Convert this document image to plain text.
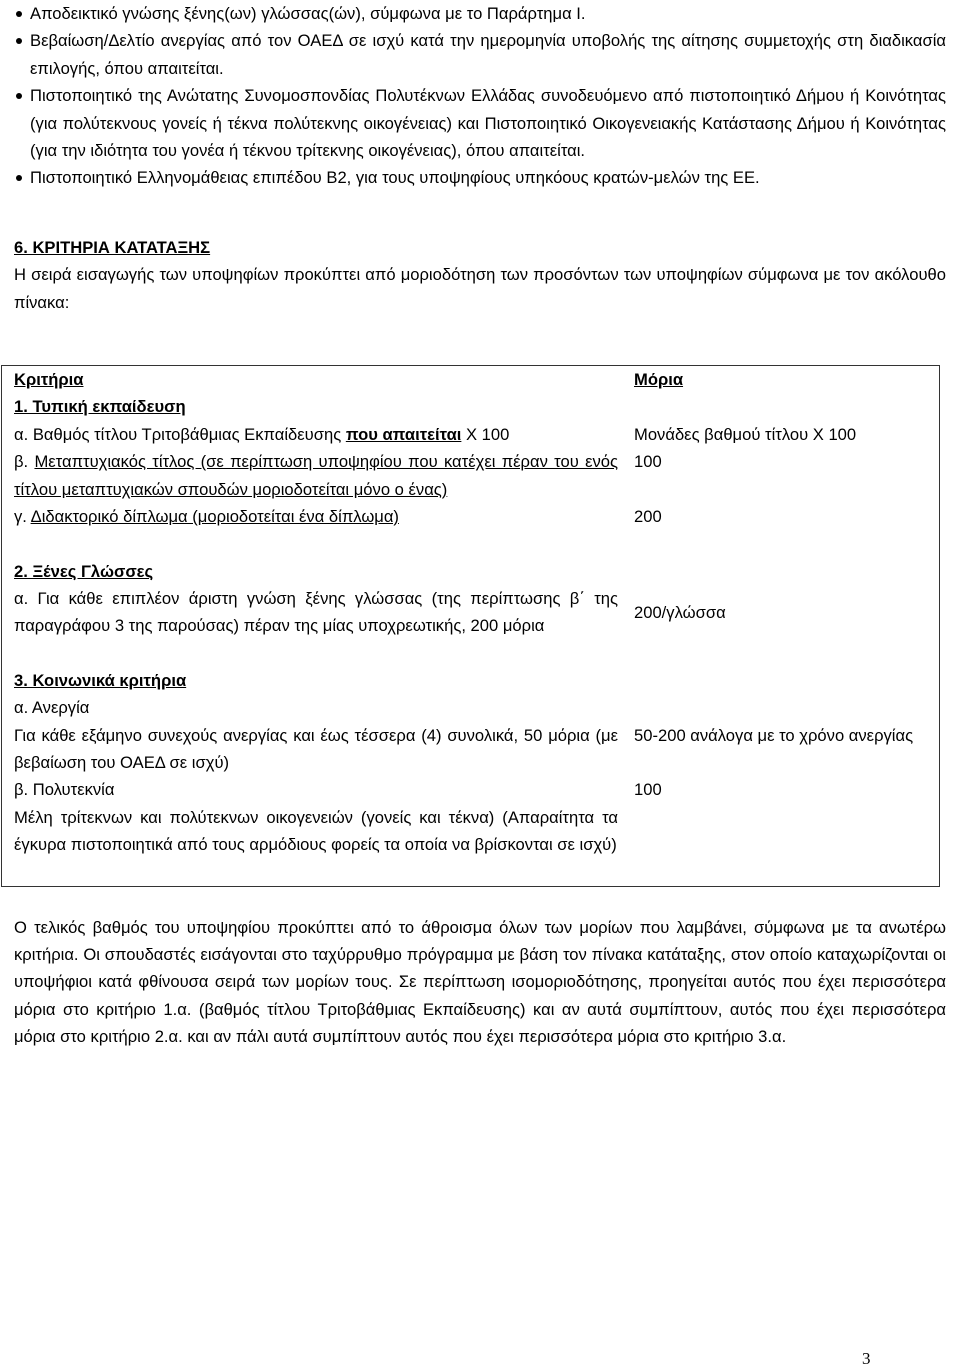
Αποδεικτικό γνώσης ξένης(ων) γλώσσας(ών), σύμφωνα με το Παράρτημα Ι.
Βεβαίωση/Δελτίο ανεργίας από τον ΟΑΕΔ σε ισχύ κατά την ημερομηνία υποβολής της αίτησης συμμετοχής στη διαδικασία επιλογής, όπου απαιτείται.
Πιστοποιητικό της Ανώτατης Συνομοσπονδίας Πολυτέκνων Ελλάδας συνοδευόμενο από πιστοποιητικό Δήμου ή Κοινότητας (για πολύτεκνους γονείς ή τέκνα πολύτεκνης οικογένειας) και Πιστοποιητικό Οικογενειακής Κατάστασης Δήμου ή Κοινότητας (για την ιδιότητα του γονέα ή τέκνου τρίτεκνης οικογένειας), όπου απαιτείται.
Πιστοποιητικό Ελληνομάθειας επιπέδου Β2, για τους υποψηφίους υπηκόους κρατών-μελών της ΕΕ.
6. ΚΡΙΤΗΡΙΑ ΚΑΤΑΤΑΞΗΣ
Η σειρά εισαγωγής των υποψηφίων προκύπτει από μοριοδότηση των προσόντων των υποψηφίων σύμφωνα με τον ακόλουθο πίνακα:
Κριτήρια	Μόρια
1. Τυπική εκπαίδευση	
α. Βαθμός τίτλου Τριτοβάθμιας Εκπαίδευσης που απαιτείται Χ 100	Μονάδες βαθμού τίτλου Χ 100
β. Μεταπτυχιακός τίτλος (σε περίπτωση υποψηφίου που κατέχει πέραν του ενός τίτλου μεταπτυχιακών σπουδών μοριοδοτείται μόνο ο ένας)	100
γ. Διδακτορικό δίπλωμα (μοριοδοτείται ένα δίπλωμα)	200

2. Ξένες Γλώσσες	
α. Για κάθε επιπλέον άριστη γνώση ξένης γλώσσας (της περίπτωσης β΄ της παραγράφου 3 της παρούσας) πέραν της μίας υποχρεωτικής, 200 μόρια	200/γλώσσα

3. Κοινωνικά κριτήρια	
α. Ανεργία	
Για κάθε εξάμηνο συνεχούς ανεργίας και έως τέσσερα (4) συνολικά, 50 μόρια (με βεβαίωση του ΟΑΕΔ σε ισχύ)	50-200 ανάλογα με το χρόνο ανεργίας
β. Πολυτεκνία	100
Μέλη τρίτεκνων και πολύτεκνων οικογενειών (γονείς και τέκνα) (Απαραίτητα τα έγκυρα πιστοποιητικά από τους αρμόδιους φορείς τα οποία να βρίσκονται σε ισχύ)	

Ο τελικός βαθμός του υποψηφίου προκύπτει από το άθροισμα όλων των μορίων που λαμβάνει, σύμφωνα με τα ανωτέρω κριτήρια. Οι σπουδαστές εισάγονται στο ταχύρρυθμο πρόγραμμα με βάση τον πίνακα κατάταξης, στον οποίο καταχωρίζονται οι υποψήφιοι κατά φθίνουσα σειρά των μορίων τους. Σε περίπτωση ισομοριοδότησης, προηγείται αυτός που έχει περισσότερα μόρια στο κριτήριο 1.α. (βαθμός τίτλου Τριτοβάθμιας Εκπαίδευσης) και αν αυτά συμπίπτουν, αυτός που έχει περισσότερα μόρια στο κριτήριο 2.α. και αν πάλι αυτά συμπίπτουν αυτός που έχει περισσότερα μόρια στο κριτήριο 3.α.
3
